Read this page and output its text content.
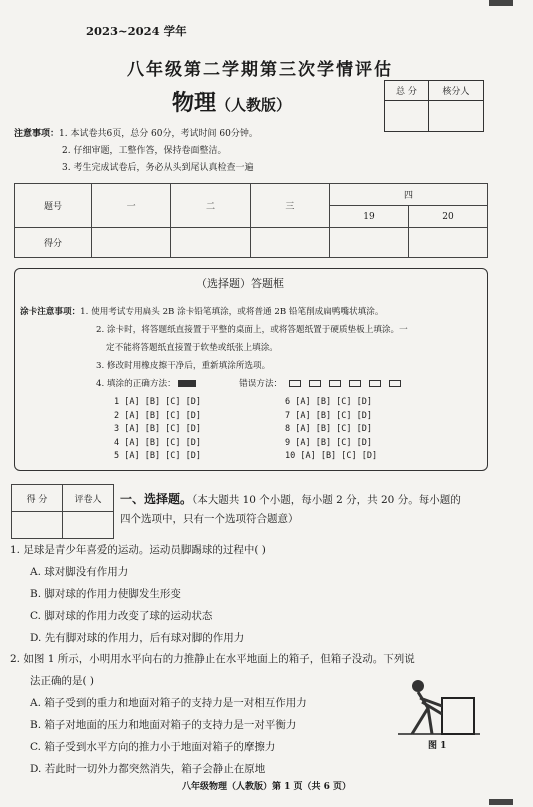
2023~2024 学年
八年级第二学期第三次学情评估
物理（人教版）
总 分	核分人

注意事项：1. 本试卷共6页，总分 60分，考试时间 60分钟。
2. 仔细审题，工整作答，保持卷面整洁。
3. 考生完成试卷后，务必从头到尾认真检查一遍
题号	一	二	三	四	
				19	20
得分					
（选择题）答题框
涂卡注意事项：1. 使用考试专用扁头 2B 涂卡铅笔填涂，或将普通 2B 铅笔削成扁鸭嘴状填涂。
2. 涂卡时，将答题纸直接置于平整的桌面上，或将答题纸置于硬质垫板上填涂。一
定不能将答题纸直接置于软垫或纸张上填涂。
3. 修改时用橡皮擦干净后，重新填涂所选项。
4. 填涂的正确方法：	错误方法：
1 [A] [B] [C] [D]
2 [A] [B] [C] [D]
3 [A] [B] [C] [D]
4 [A] [B] [C] [D]
5 [A] [B] [C] [D]
6 [A] [B] [C] [D]
7 [A] [B] [C] [D]
8 [A] [B] [C] [D]
9 [A] [B] [C] [D]
10 [A] [B] [C] [D]
得 分	评卷人
	一、选择题。（本大题共 10 个小题，每小题 2 分，共 20 分。每小题的
四个选项中，只有一个选项符合题意）
1. 足球是青少年喜爱的运动。运动员脚踢球的过程中( )
A. 球对脚没有作用力
B. 脚对球的作用力使脚发生形变
C. 脚对球的作用力改变了球的运动状态
D. 先有脚对球的作用力，后有球对脚的作用力
2. 如图 1 所示，小明用水平向右的力推静止在水平地面上的箱子，但箱子没动。下列说
法正确的是( )
A. 箱子受到的重力和地面对箱子的支持力是一对相互作用力
B. 箱子对地面的压力和地面对箱子的支持力是一对平衡力
C. 箱子受到水平方向的推力小于地面对箱子的摩擦力
D. 若此时一切外力都突然消失，箱子会静止在原地
图 1
八年级物理（人教版）第 1 页（共 6 页）
